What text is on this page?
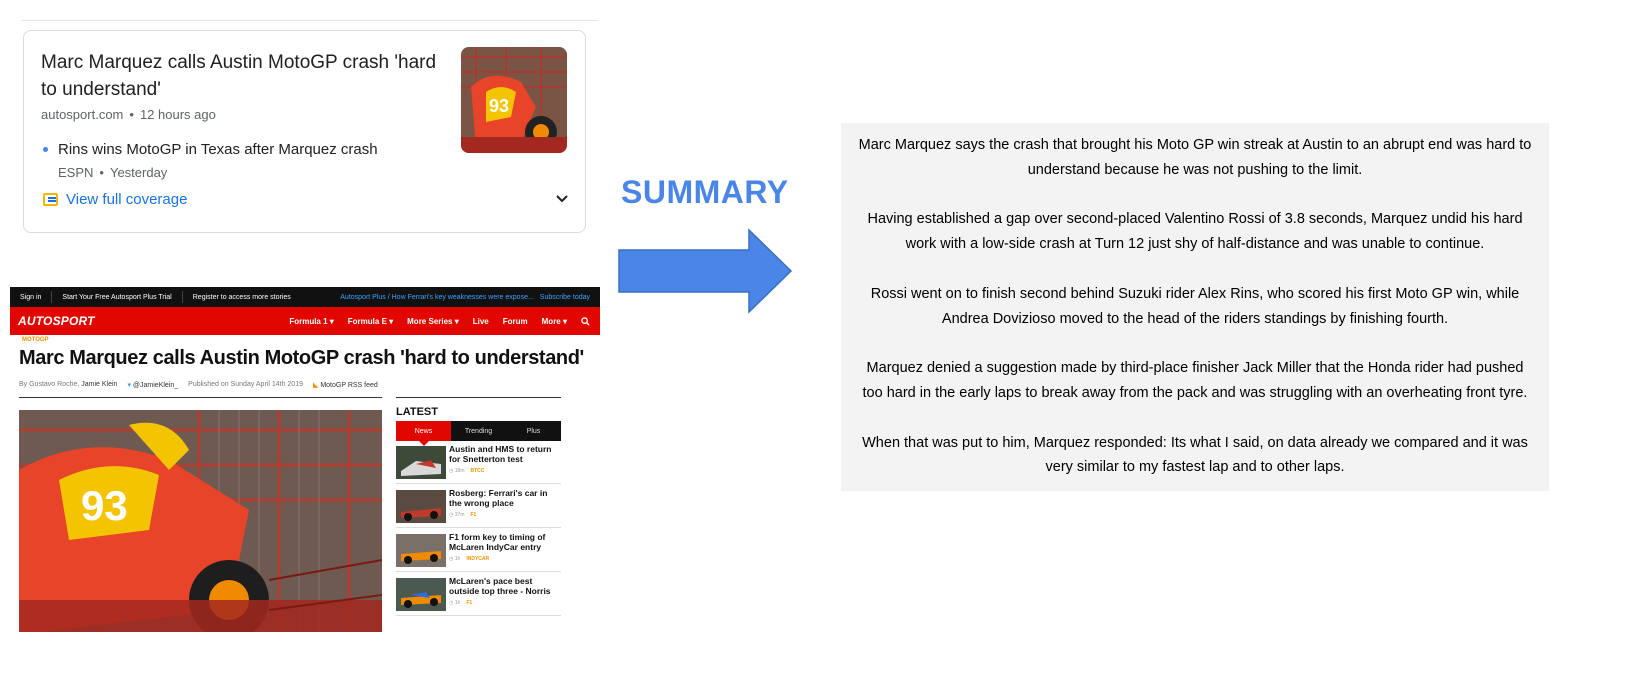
Marc Marquez calls Austin MotoGP crash 'hard to understand'
autosport.com • 12 hours ago
Rins wins MotoGP in Texas after Marquez crash
ESPN • Yesterday
93
View full coverage
Sign in	Start Your Free Autosport Plus Trial	Register to access more stories	Autosport Plus / How Ferrari's key weaknesses were expose... Subscribe today
AUTOSPORT	Formula 1 ▾ Formula E ▾ More Series ▾ Live Forum More ▾
MOTOGP
Marc Marquez calls Austin MotoGP crash 'hard to understand'
By Gustavo Roche, Jamie Klein ▾ @JamieKlein_ Published on Sunday April 14th 2019 ◣ MotoGP RSS feed
93
LATEST
News	Trending	Plus
Austin and HMS to return for Snetterton test
◷ 18m BTCC
Rosberg: Ferrari's car in the wrong place
◷ 37m F1
F1 form key to timing of McLaren IndyCar entry
◷ 1h INDYCAR
McLaren's pace best outside top three - Norris
◷ 1h F1
SUMMARY

Marc Marquez says the crash that brought his Moto GP win streak at Austin to an abrupt end was hard to understand because he was not pushing to the limit.

Having established a gap over second-placed Valentino Rossi of 3.8 seconds, Marquez undid his hard work with a low-side crash at Turn 12 just shy of half-distance and was unable to continue.

Rossi went on to finish second behind Suzuki rider Alex Rins, who scored his first Moto GP win, while Andrea Dovizioso moved to the head of the riders standings by finishing fourth.

Marquez denied a suggestion made by third-place finisher Jack Miller that the Honda rider had pushed too hard in the early laps to break away from the pack and was struggling with an overheating front tyre.

When that was put to him, Marquez responded: Its what I said, on data already we compared and it was very similar to my fastest lap and to other laps.
